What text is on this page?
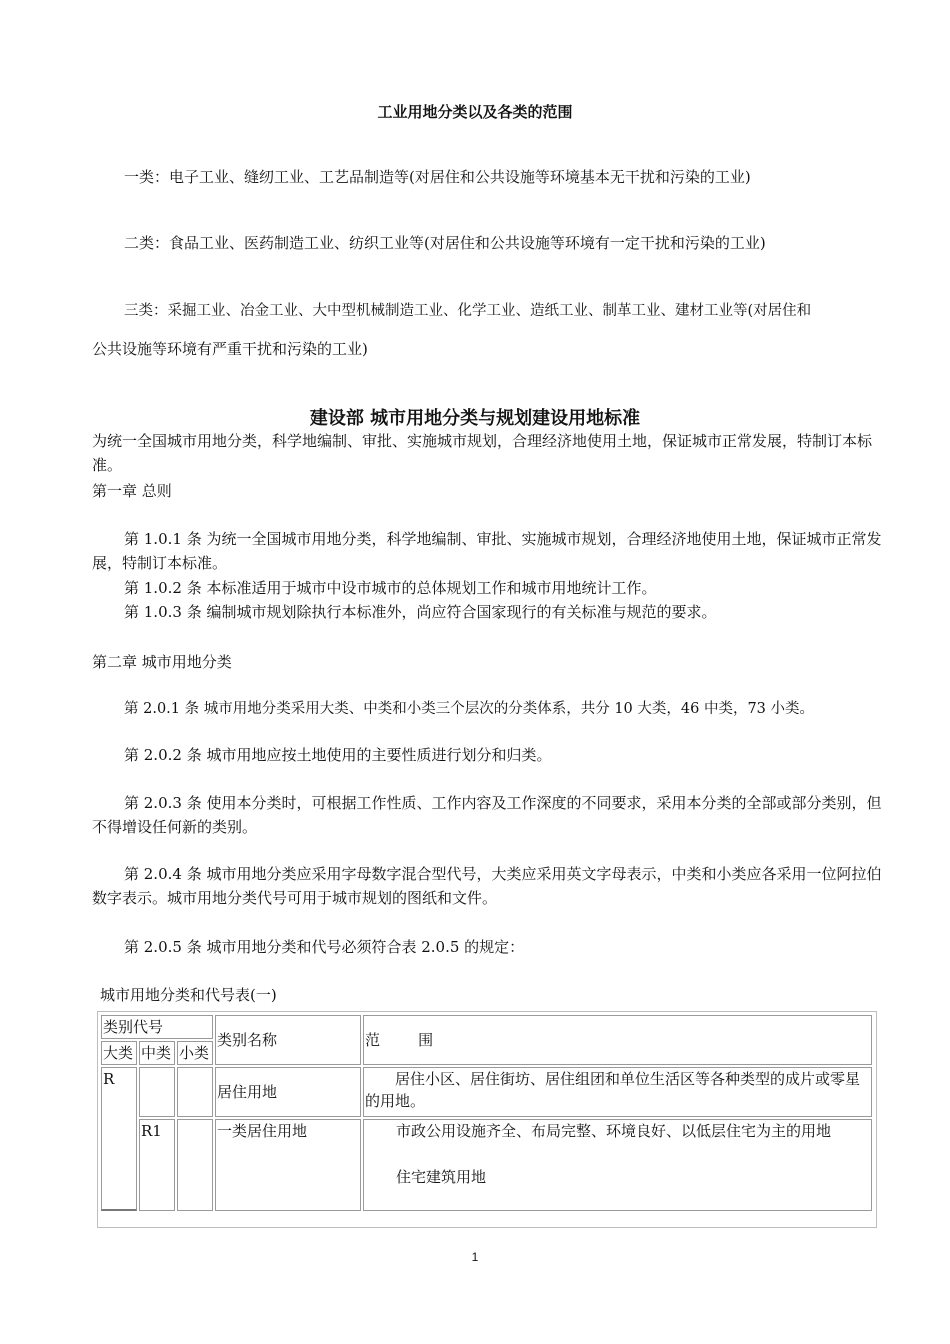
工业用地分类以及各类的范围
一类：电子工业、缝纫工业、工艺品制造等(对居住和公共设施等环境基本无干扰和污染的工业)
二类：食品工业、医药制造工业、纺织工业等(对居住和公共设施等环境有一定干扰和污染的工业)
三类：采掘工业、冶金工业、大中型机械制造工业、化学工业、造纸工业、制革工业、建材工业等(对居住和
公共设施等环境有严重干扰和污染的工业)
建设部 城市用地分类与规划建设用地标准
为统一全国城市用地分类，科学地编制、审批、实施城市规划，合理经济地使用土地，保证城市正常发展，特制订本标准。
第一章 总则
第 1.0.1 条 为统一全国城市用地分类，科学地编制、审批、实施城市规划，合理经济地使用土地，保证城市正常发展，特制订本标准。
第 1.0.2 条 本标准适用于城市中设市城市的总体规划工作和城市用地统计工作。
第 1.0.3 条 编制城市规划除执行本标准外，尚应符合国家现行的有关标准与规范的要求。
第二章 城市用地分类
第 2.0.1 条 城市用地分类采用大类、中类和小类三个层次的分类体系，共分 10 大类，46 中类，73 小类。
第 2.0.2 条 城市用地应按土地使用的主要性质进行划分和归类。
第 2.0.3 条 使用本分类时，可根据工作性质、工作内容及工作深度的不同要求，采用本分类的全部或部分类别，但不得增设任何新的类别。
第 2.0.4 条 城市用地分类应采用字母数字混合型代号，大类应采用英文字母表示，中类和小类应各采用一位阿拉伯数字表示。城市用地分类代号可用于城市规划的图纸和文件。
第 2.0.5 条 城市用地分类和代号必须符合表 2.0.5 的规定：
城市用地分类和代号表(一)
类别代号			类别名称	范        围
大类	中类	小类		
R			居住用地	居住小区、居住街坊、居住组团和单位生活区等各种类型的成片或零星的用地。
	R1		一类居住用地	市政公用设施齐全、布局完整、环境良好、以低层住宅为主的用地
住宅建筑用地
1
